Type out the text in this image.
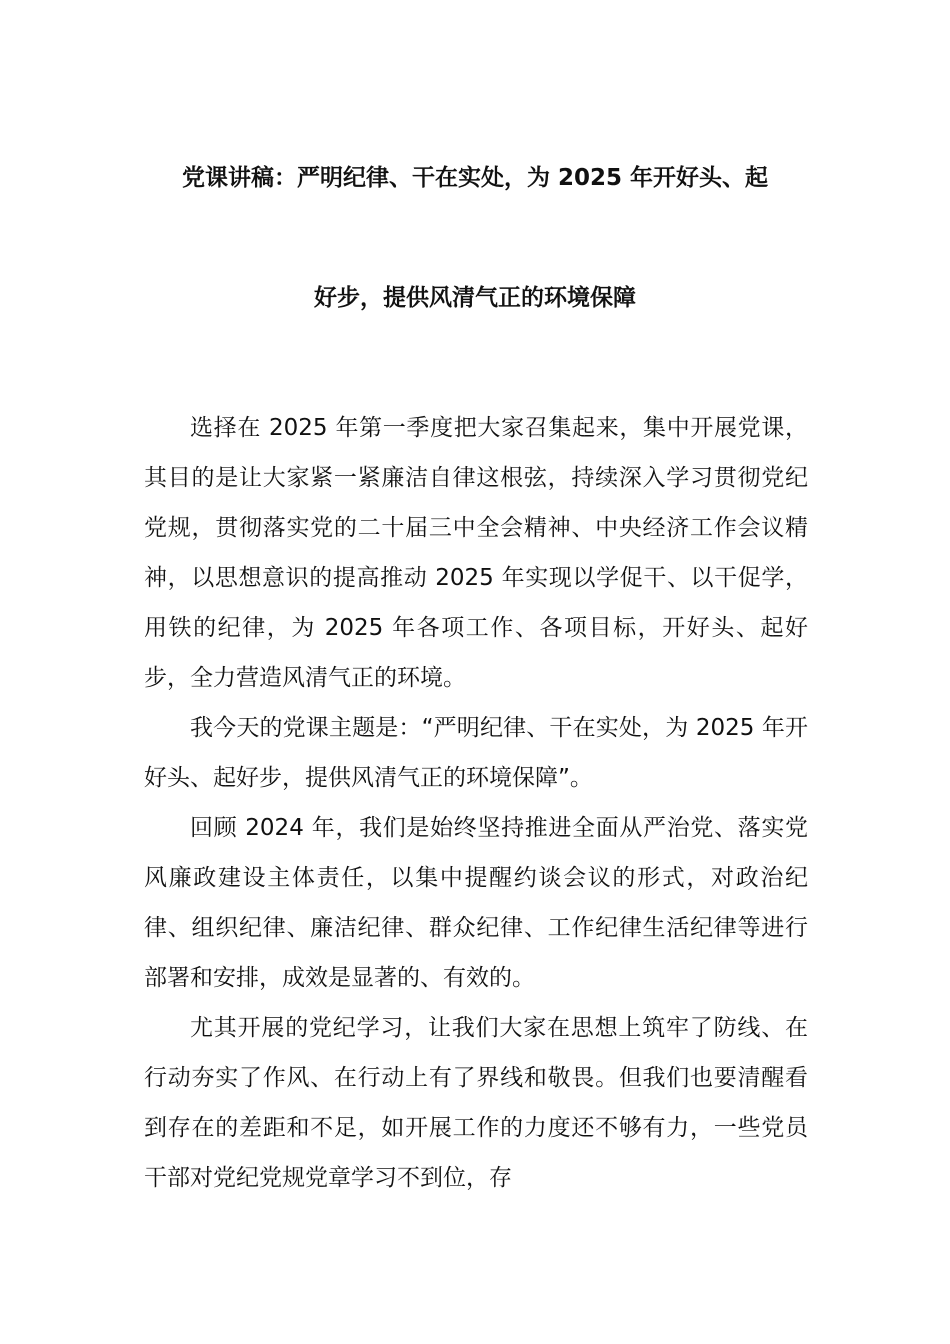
党课讲稿：严明纪律、干在实处，为 2025 年开好头、起
好步，提供风清气正的环境保障

选择在 2025 年第一季度把大家召集起来，集中开展党课，其目的是让大家紧一紧廉洁自律这根弦，持续深入学习贯彻党纪党规，贯彻落实党的二十届三中全会精神、中央经济工作会议精神，以思想意识的提高推动 2025 年实现以学促干、以干促学，用铁的纪律，为 2025 年各项工作、各项目标，开好头、起好步，全力营造风清气正的环境。

我今天的党课主题是：“严明纪律、干在实处，为 2025 年开好头、起好步，提供风清气正的环境保障”。

回顾 2024 年，我们是始终坚持推进全面从严治党、落实党风廉政建设主体责任，以集中提醒约谈会议的形式，对政治纪律、组织纪律、廉洁纪律、群众纪律、工作纪律生活纪律等进行部署和安排，成效是显著的、有效的。

尤其开展的党纪学习，让我们大家在思想上筑牢了防线、在行动夯实了作风、在行动上有了界线和敬畏。但我们也要清醒看到存在的差距和不足，如开展工作的力度还不够有力，一些党员干部对党纪党规党章学习不到位，存
